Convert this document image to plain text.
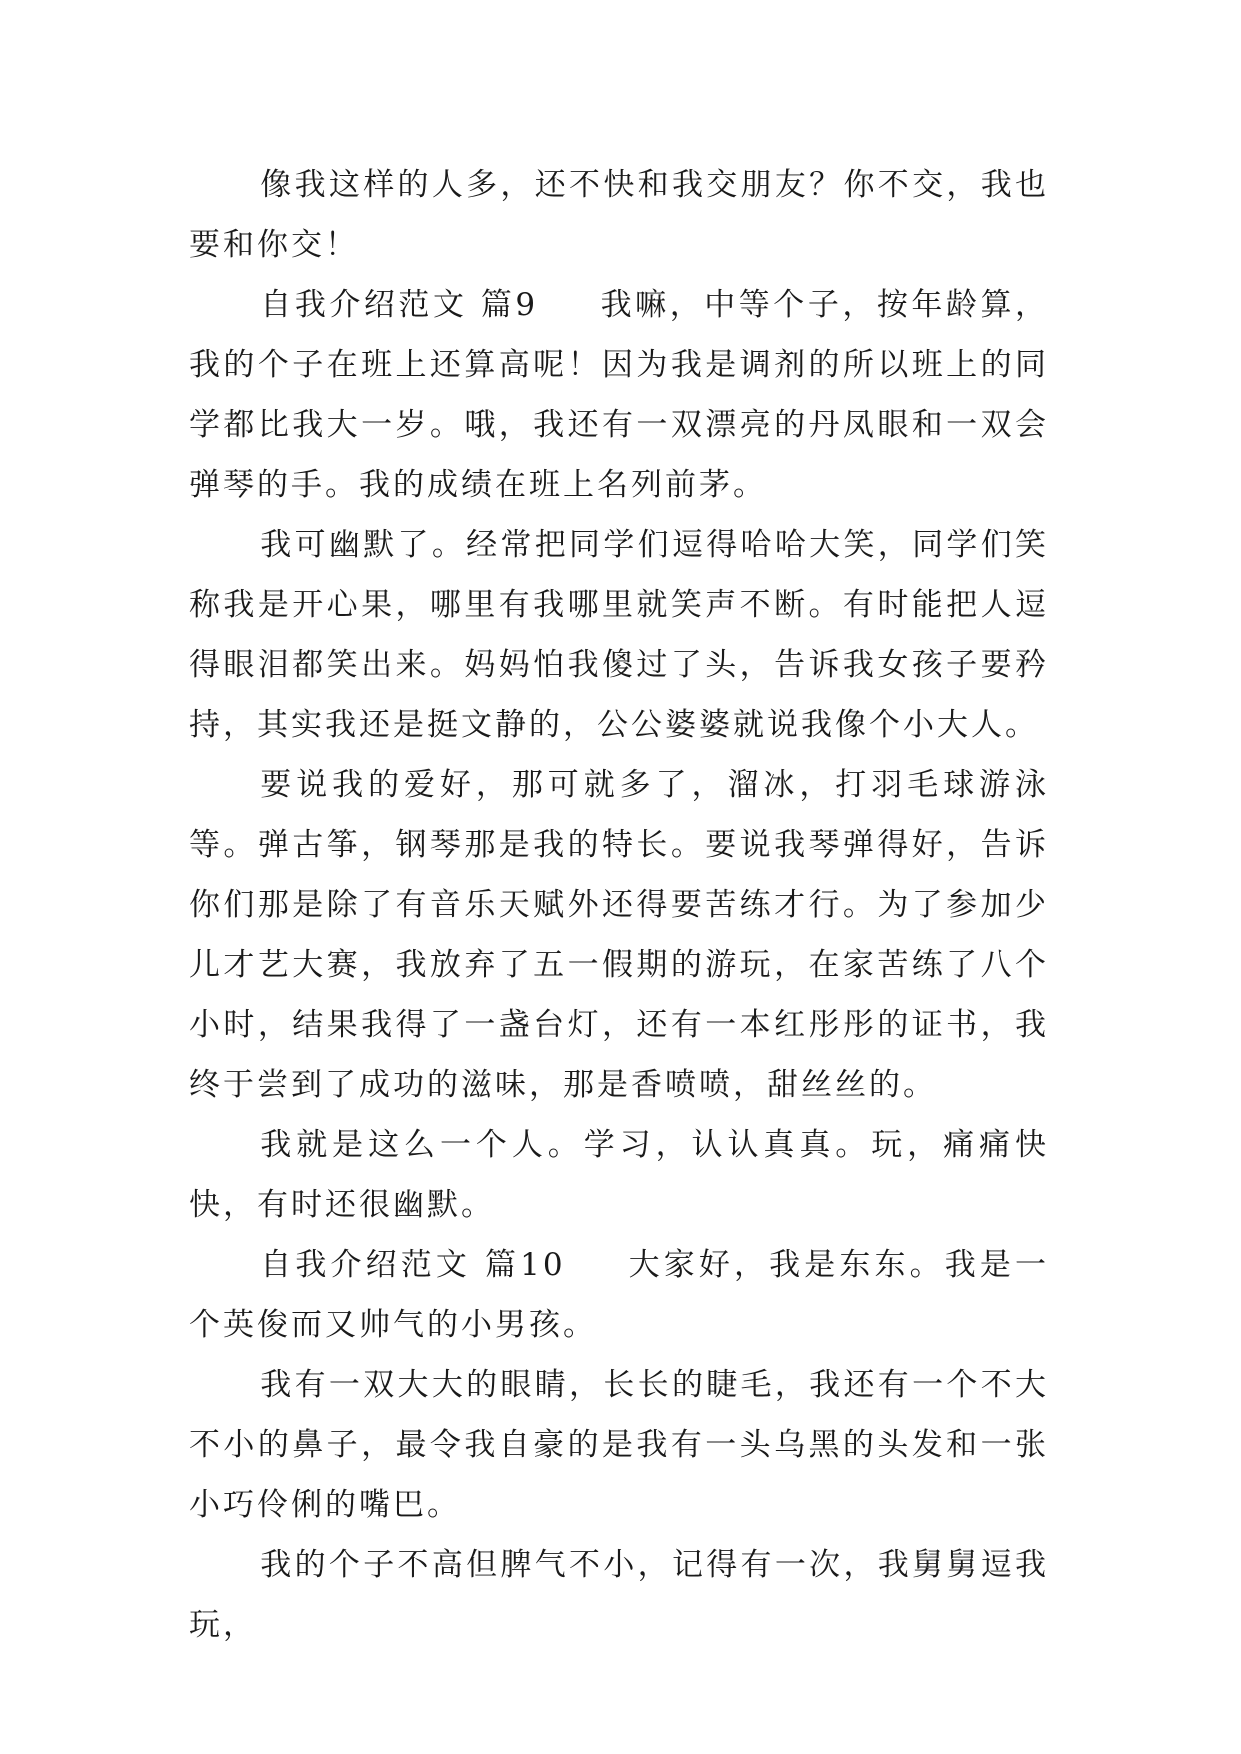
像我这样的人多，还不快和我交朋友？你不交，我也要和你交！

自我介绍范文 篇9 我嘛，中等个子，按年龄算，我的个子在班上还算高呢！因为我是调剂的所以班上的同学都比我大一岁。哦，我还有一双漂亮的丹凤眼和一双会弹琴的手。我的成绩在班上名列前茅。

我可幽默了。经常把同学们逗得哈哈大笑，同学们笑称我是开心果，哪里有我哪里就笑声不断。有时能把人逗得眼泪都笑出来。妈妈怕我傻过了头，告诉我女孩子要矜持，其实我还是挺文静的，公公婆婆就说我像个小大人。

要说我的爱好，那可就多了，溜冰，打羽毛球游泳等。弹古筝，钢琴那是我的特长。要说我琴弹得好，告诉你们那是除了有音乐天赋外还得要苦练才行。为了参加少儿才艺大赛，我放弃了五一假期的游玩，在家苦练了八个小时，结果我得了一盏台灯，还有一本红彤彤的证书，我终于尝到了成功的滋味，那是香喷喷，甜丝丝的。

我就是这么一个人。学习，认认真真。玩，痛痛快快，有时还很幽默。

自我介绍范文 篇10 大家好，我是东东。我是一个英俊而又帅气的小男孩。

我有一双大大的眼睛，长长的睫毛，我还有一个不大不小的鼻子，最令我自豪的是我有一头乌黑的头发和一张小巧伶俐的嘴巴。

我的个子不高但脾气不小，记得有一次，我舅舅逗我玩，
